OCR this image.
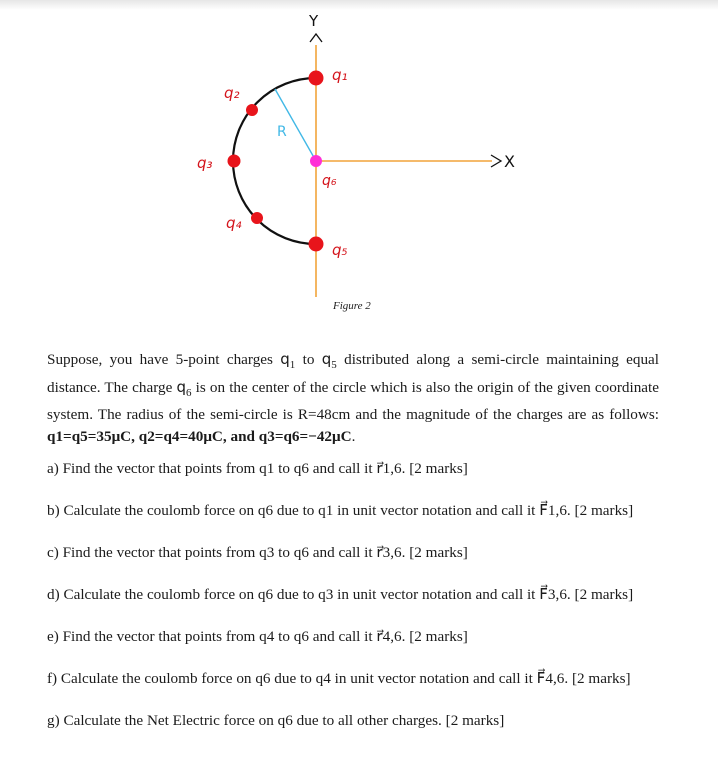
Y
X
R
q₁
q₂
q₃
q₄
q₅
q₆
Figure 2
Suppose, you have 5-point charges $q_1$ to $q_5$ distributed along a semi-circle maintaining equal distance. The charge $q_6$ is on the center of the circle which is also the origin of the given coordinate system. The radius of the semi-circle is R=48cm and the magnitude of the charges are as follows: q1=q5=35μC, q2=q4=40μC, and q3=q6=−42μC.
a) Find the vector that points from q1 to q6 and call it r⃗1,6. [2 marks]
b) Calculate the coulomb force on q6 due to q1 in unit vector notation and call it F⃗1,6. [2 marks]
c) Find the vector that points from q3 to q6 and call it r⃗3,6. [2 marks]
d) Calculate the coulomb force on q6 due to q3 in unit vector notation and call it F⃗3,6. [2 marks]
e) Find the vector that points from q4 to q6 and call it r⃗4,6. [2 marks]
f) Calculate the coulomb force on q6 due to q4 in unit vector notation and call it F⃗4,6. [2 marks]
g) Calculate the Net Electric force on q6 due to all other charges. [2 marks]
